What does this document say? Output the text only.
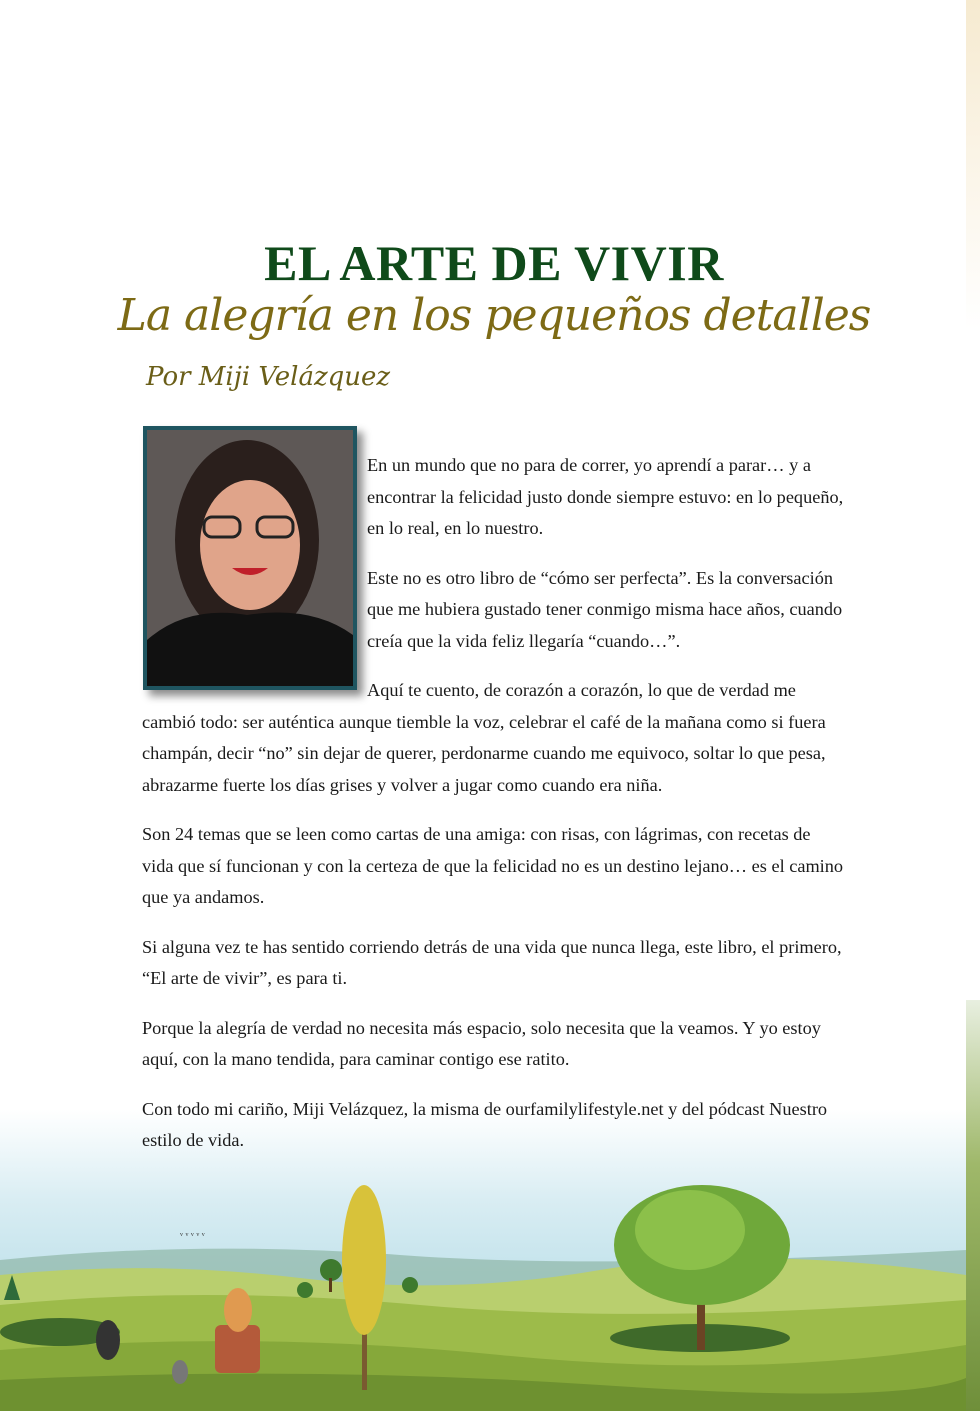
EL ARTE DE VIVIR
La alegría en los pequeños detalles
Por Miji Velázquez
ᵥ ᵥ ᵥ ᵥ ᵥ

En un mundo que no para de correr, yo aprendí a parar… y a encontrar la felicidad justo donde siempre estuvo: en lo pequeño, en lo real, en lo nuestro.

Este no es otro libro de “cómo ser perfecta”. Es la conversación que me hubiera gustado tener conmigo misma hace años, cuando creía que la vida feliz llegaría “cuando…”.

Aquí te cuento, de corazón a corazón, lo que de verdad me cambió todo: ser auténtica aunque tiemble la voz, celebrar el café de la mañana como si fuera champán, decir “no” sin dejar de querer, perdonarme cuando me equivoco, soltar lo que pesa, abrazarme fuerte los días grises y volver a jugar como cuando era niña.

Son 24 temas que se leen como cartas de una amiga: con risas, con lágrimas, con recetas de vida que sí funcionan y con la certeza de que la felicidad no es un destino lejano… es el camino que ya andamos.

Si alguna vez te has sentido corriendo detrás de una vida que nunca llega, este libro, el primero, “El arte de vivir”, es para ti.

Porque la alegría de verdad no necesita más espacio, solo necesita que la veamos. Y yo estoy aquí, con la mano tendida, para caminar contigo ese ratito.

Con todo mi cariño, Miji Velázquez, la misma de ourfamilylifestyle.net y del pódcast Nuestro estilo de vida.
